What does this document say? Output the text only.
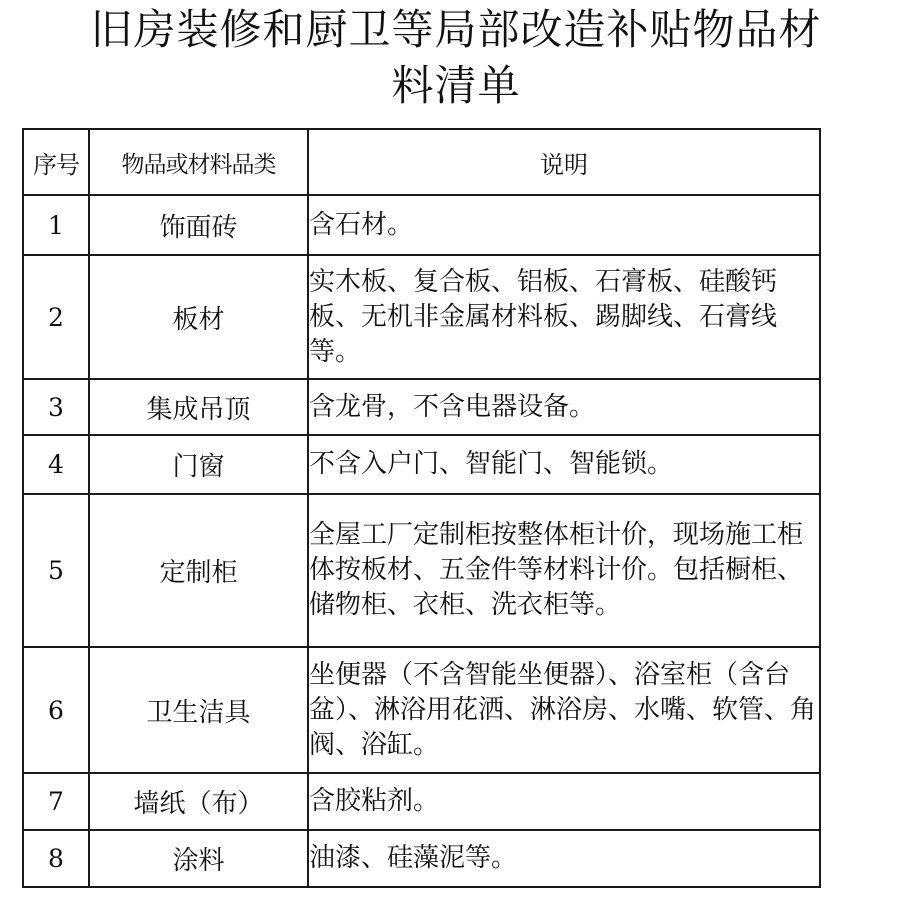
旧房装修和厨卫等局部改造补贴物品材
料清单
序号	物品或材料品类	说明
1	饰面砖	含石材。
2	板材	实木板、复合板、铝板、石膏板、硅酸钙板、无机非金属材料板、踢脚线、石膏线等。
3	集成吊顶	含龙骨，不含电器设备。
4	门窗	不含入户门、智能门、智能锁。
5	定制柜	全屋工厂定制柜按整体柜计价，现场施工柜体按板材、五金件等材料计价。包括橱柜、储物柜、衣柜、洗衣柜等。
6	卫生洁具	坐便器（不含智能坐便器）、浴室柜（含台盆）、淋浴用花洒、淋浴房、水嘴、软管、角阀、浴缸。
7	墙纸（布）	含胶粘剂。
8	涂料	油漆、硅藻泥等。
